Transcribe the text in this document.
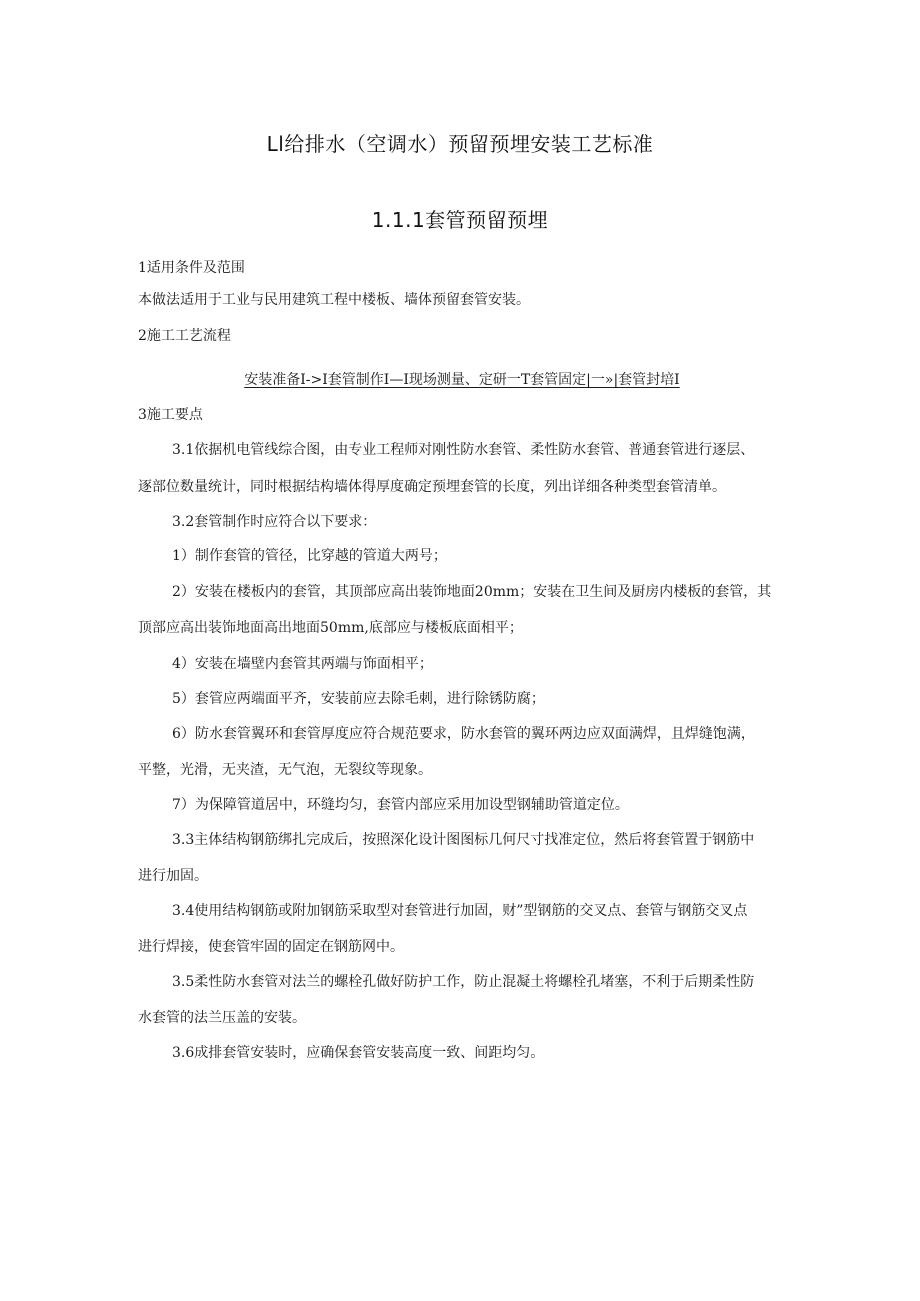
Ll给排水（空调水）预留预埋安装工艺标准
1.1.1套管预留预埋
1适用条件及范围
本做法适用于工业与民用建筑工程中楼板、墙体预留套管安装。
2施工工艺流程
安装准备I->I套管制作I—I现场测量、定研一T套管固定|一»|套管封培I
3施工要点
3.1依据机电管线综合图，由专业工程师对刚性防水套管、柔性防水套管、普通套管进行逐层、
逐部位数量统计，同时根据结构墙体得厚度确定预埋套管的长度，列出详细各种类型套管清单。
3.2套管制作时应符合以下要求：
1）制作套管的管径，比穿越的管道大两号；
2）安装在楼板内的套管，其顶部应高出装饰地面20mm；安装在卫生间及厨房内楼板的套管，其
顶部应高出装饰地面高出地面50mm,底部应与楼板底面相平；
4）安装在墙壁内套管其两端与饰面相平；
5）套管应两端面平齐，安装前应去除毛刺，进行除锈防腐；
6）防水套管翼环和套管厚度应符合规范要求，防水套管的翼环两边应双面满焊，且焊缝饱满，
平整，光滑，无夹渣，无气泡，无裂纹等现象。
7）为保障管道居中，环缝均匀，套管内部应采用加设型钢辅助管道定位。
3.3主体结构钢筋绑扎完成后，按照深化设计图图标几何尺寸找准定位，然后将套管置于钢筋中
进行加固。
3.4使用结构钢筋或附加钢筋采取型对套管进行加固，财”型钢筋的交叉点、套管与钢筋交叉点
进行焊接，使套管牢固的固定在钢筋网中。
3.5柔性防水套管对法兰的螺栓孔做好防护工作，防止混凝土将螺栓孔堵塞，不利于后期柔性防
水套管的法兰压盖的安装。
3.6成排套管安装时，应确保套管安装高度一致、间距均匀。
